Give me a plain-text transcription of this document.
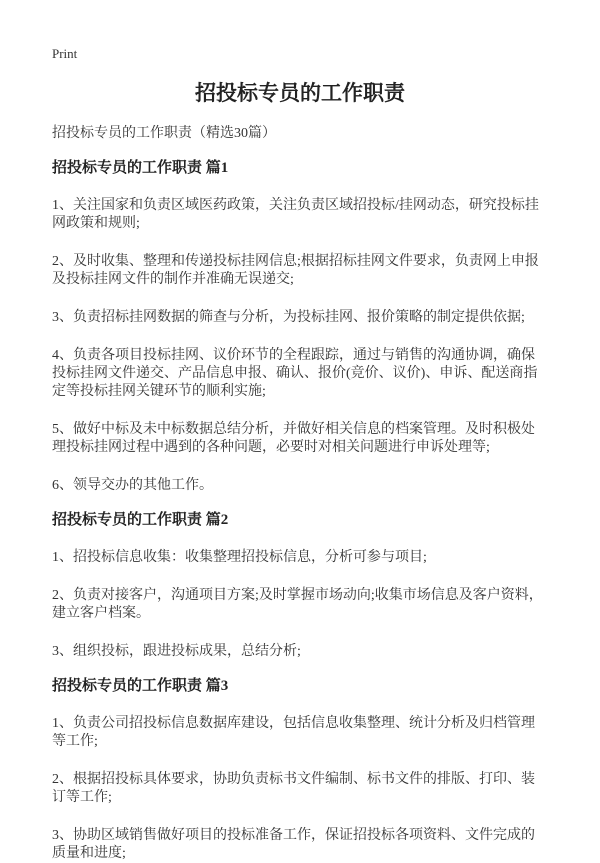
Print
招投标专员的工作职责

招投标专员的工作职责（精选30篇）

招投标专员的工作职责 篇1

1、关注国家和负责区域医药政策，关注负责区域招投标/挂网动态，研究投标挂网政策和规则;

2、及时收集、整理和传递投标挂网信息;根据招标挂网文件要求，负责网上申报及投标挂网文件的制作并准确无误递交;

3、负责招标挂网数据的筛查与分析，为投标挂网、报价策略的制定提供依据;

4、负责各项目投标挂网、议价环节的全程跟踪，通过与销售的沟通协调，确保投标挂网文件递交、产品信息申报、确认、报价(竞价、议价)、申诉、配送商指定等投标挂网关键环节的顺利实施;

5、做好中标及未中标数据总结分析，并做好相关信息的档案管理。及时积极处理投标挂网过程中遇到的各种问题，必要时对相关问题进行申诉处理等;

6、领导交办的其他工作。

招投标专员的工作职责 篇2

1、招投标信息收集：收集整理招投标信息，分析可参与项目;

2、负责对接客户，沟通项目方案;及时掌握市场动向;收集市场信息及客户资料，建立客户档案。

3、组织投标，跟进投标成果，总结分析;

招投标专员的工作职责 篇3

1、负责公司招投标信息数据库建设，包括信息收集整理、统计分析及归档管理等工作;

2、根据招投标具体要求，协助负责标书文件编制、标书文件的排版、打印、装订等工作;

3、协助区域销售做好项目的投标准备工作，保证招投标各项资料、文件完成的质量和进度;
